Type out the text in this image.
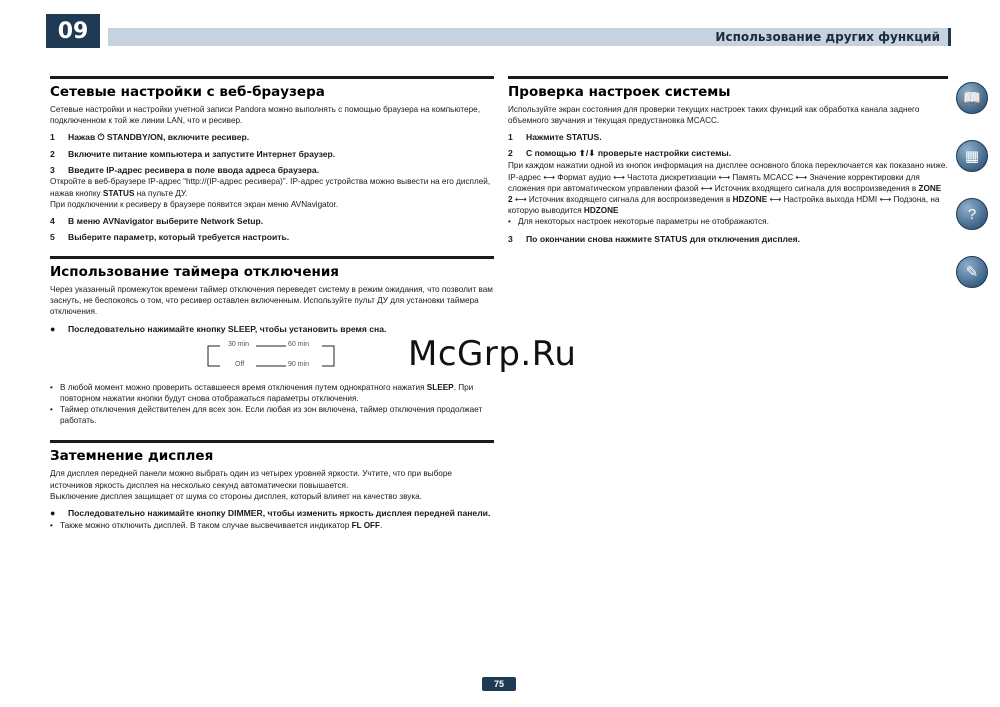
09	Использование других функций
Сетевые настройки с веб-браузера

Сетевые настройки и настройки учетной записи Pandora можно выполнять с помощью браузера на компьютере, подключенном к той же линии LAN, что и ресивер.

1	Нажав ⏻ STANDBY/ON, включите ресивер.
2	Включите питание компьютера и запустите Интернет браузер.
3	Введите IP-адрес ресивера в поле ввода адреса браузера.

Откройте в веб-браузере IP-адрес “http://(IP-адрес ресивера)”. IP-адрес устройства можно вывести на его дисплей, нажав кнопку STATUS на пульте ДУ.

При подключении к ресиверу в браузере появится экран меню AVNavigator.

4	В меню AVNavigator выберите Network Setup.
5	Выберите параметр, который требуется настроить.
Использование таймера отключения

Через указанный промежуток времени таймер отключения переведет систему в режим ожидания, что позволит вам заснуть, не беспокоясь о том, что ресивер оставлен включенным. Используйте пульт ДУ для установки таймера отключения.

●	Последовательно нажимайте кнопку SLEEP, чтобы установить время сна.
30 min	60 min
Off	90 min
• В любой момент можно проверить оставшееся время отключения путем однократного нажатия SLEEP. При повторном нажатии кнопки будут снова отображаться параметры отключения.
• Таймер отключения действителен для всех зон. Если любая из зон включена, таймер отключения продолжает работать.
Затемнение дисплея

Для дисплея передней панели можно выбрать один из четырех уровней яркости. Учтите, что при выборе источников яркость дисплея на несколько секунд автоматически повышается.

Выключение дисплея защищает от шума со стороны дисплея, который влияет на качество звука.

●	Последовательно нажимайте кнопку DIMMER, чтобы изменить яркость дисплея передней панели.
• Также можно отключить дисплей. В таком случае высвечивается индикатор FL OFF.
Проверка настроек системы

Используйте экран состояния для проверки текущих настроек таких функций как обработка канала заднего объемного звучания и текущая предустановка MCACC.

1	Нажмите STATUS.
2	С помощью ⬆/⬇ проверьте настройки системы.

При каждом нажатии одной из кнопок информация на дисплее основного блока переключается как показано ниже.

IP-адрес ⟷ Формат аудио ⟷ Частота дискретизации ⟷ Память MCACC ⟷ Значение корректировки для сложения при автоматическом управлении фазой ⟷ Источник входящего сигнала для воспроизведения в ZONE 2 ⟷ Источник входящего сигнала для воспроизведения в HDZONE ⟷ Настройка выхода HDMI ⟷ Подзона, на которую выводится HDZONE

• Для некоторых настроек некоторые параметры не отображаются.
3	По окончании снова нажмите STATUS для отключения дисплея.
📖
▦
?
✎
McGrp.Ru
75
